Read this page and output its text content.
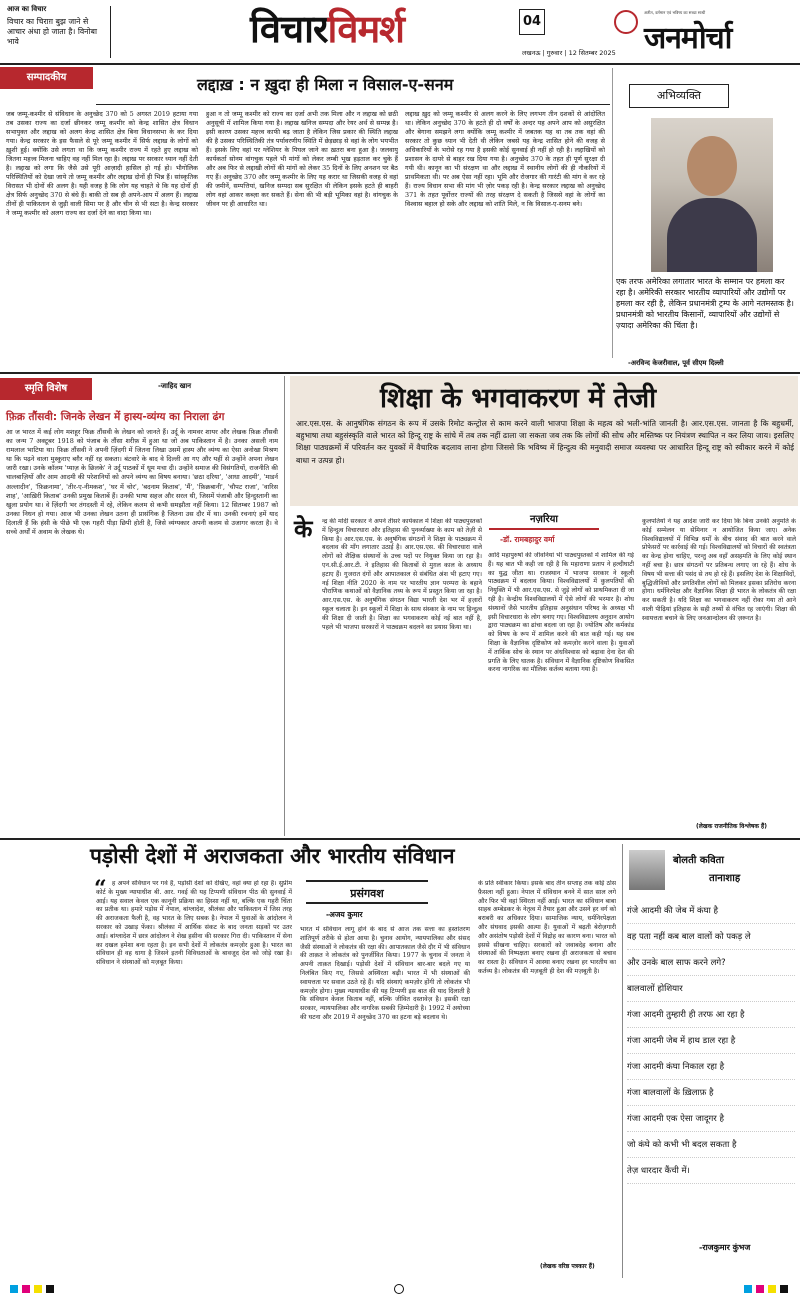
आज का विचार
विचार का चिराग़ बुझ जाने से आचार अंधा हो जाता है। विनोबा भावे	विचारविमर्श	04
लखनऊ | गुरुवार | 12 सितम्बर 2025
अतीत, वर्तमान एवं भविष्य का सच्चा साथी
जनमोर्चा
सम्पादकीय	लद्दाख़ : न ख़ुदा ही मिला न विसाल-ए-सनम
जब जम्मू-कश्मीर से संविधान के अनुच्छेद 370 को 5 अगस्त 2019 हटाया गया तब उसका राज्य का दर्जा छीनकर जम्मू कश्मीर को केन्द्र शासित क्षेत्र विधान सभायुक्त और लद्दाख को अलग केन्द्र शासित क्षेत्र बिना विधानसभा के कर दिया गया। केन्द्र सरकार के इस फैसले से पूरे जम्मू कश्मीर में सिर्फ लद्दाख के लोगों को ख़ुशी हुई। क्योंकि उसे लगता था कि जम्मू कश्मीर राज्य में रहते हुए लद्दाख को जितना महत्त्व मिलना चाहिए वह नहीं मिल रहा है। लद्दाख पर सरकार ध्यान नहीं देती है। लद्दाख को लगा कि जैसे उसे पूरी आज़ादी हासिल हो गई हो। भौगोलिक परिस्थितियों को देखा जाये तो जम्मू कश्मीर और लद्दाख दोनों ही भिन्न हैं। सांस्कृतिक विरासत भी दोनों की अलग है। यही वजह है कि लोग यह चाहते थे कि यह दोनों ही क्षेत्र सिर्फ अनुच्छेद 370 से बंधे हैं। बाकी तो सब ही अपने-आप में अलग हैं। लद्दाख तीनों ही पाकिस्तान से जुड़ी वाली सिमा पर है और चीन से भी सटा है। केन्द्र सरकार ने जम्मू कश्मीर को अलग राज्य का दर्जा देने का वादा किया था।
हुआ न तो जम्मू कश्मीर को राज्य का दर्जा अभी तक मिला और न लद्दाख को छठी अनुसूची में शामिल किया गया है। लद्दाख खनिज सम्पदा और रेयर अर्थ से सम्पन्न है। इसी कारण उसका महत्त्व काफी बढ़ जाता है लेकिन जिस प्रकार की स्थिति लद्दाख की है उसका परिस्थितिकी तंत्र पर्यावरणीय स्थिति में छेड़छाड़ से वहां के लोग भयभीत हैं। इसके लिए वहां पर ग्लेशियर के पिघल जाने का ख़तरा बना हुआ है। जलवायु कार्यकर्ता सोनम वांगचुक पहले भी मांगों को लेकर लम्बी भूख हड़ताल कर चुके हैं और अब फिर से लद्दाखी लोगों की मांगों को लेकर 35 दिनों के लिए अनशन पर बैठ गए हैं। अनुच्छेद 370 और जम्मू कश्मीर के लिए यह करार था जिसकी वजह से वहां की जमीनें, सम्पत्तियां, खनिज सम्पदा सब सुरक्षित थी लेकिन इसके हटते ही बाहरी लोग वहां आकर कब्ज़ा कर सकते हैं। सेना की भी बड़ी भूमिका वहां है। वांगचुक के जीवन पर ही आधारित था।
लद्दाख ख़ुद को जम्मू कश्मीर से अलग करने के लिए लगभग तीन दशकों से आंदोलित था। लेकिन अनुच्छेद 370 के हटते ही दो वर्षों के अन्दर यह अपने आप को असुरक्षित और बेगाना समझने लगा क्योंकि जम्मू कश्मीर में जबतक यह था तब तक वहां की सरकार तो कुछ ध्यान भी देती थी लेकिन जबसे यह केन्द्र शासित होने की वजह से अधिकारियों के भरोसे रह गया है इसकी कोई सुनवाई ही नहीं हो रही है। लद्दाखियों को प्रशासन के दायरे से बाहर रख दिया गया है। अनुच्छेद 370 के तहत ही पूर्ण सुरक्षा दी गयी थी। कानून का भी संरक्षण था और लद्दाख में स्थानीय लोगों की ही नौकरियों में प्राथमिकता थी। पर अब ऐसा नहीं रहा। भूमि और रोजगार की गारंटी की मांग वे कर रहे हैं। राज्य विधान सभा की मांग भी ज़ोर पकड़ रही है। केन्द्र सरकार लद्दाख को अनुच्छेद 371 के तहत पूर्वोत्तर राज्यों की तरह संरक्षण दे सकती है जिससे वहां के लोगों का विश्वास बहाल हो सके और लद्दाख को शांति मिले, न कि विसाल-ए-सनम बने।
अभिव्यक्ति
एक तरफ अमेरिका लगातार भारत के सम्मान पर हमला कर रहा है। अमेरिकी सरकार भारतीय व्यापारियों और उद्योगों पर हमला कर रही है, लेकिन प्रधानमंत्री ट्रम्प के आगे नतमस्तक है। प्रधानमंत्री को भारतीय किसानों, व्यापारियों और उद्योगों से ज़्यादा अमेरिका की चिंता है।
-अरविन्द केजरीवाल, पूर्व सीएम दिल्ली
स्मृति विशेष	-जाहिद खान
फ़िक्र तौंसवी: जिनके लेखन में हास्य-व्यंग्य का निराला ढंग
आ ज भारत में कई लोग मशहूर फिक्र तौंसवी के लेखन को जानते हैं। उर्दू के नामवर शायर और लेखक फ़िक्र तौंसवी का जन्म 7 अक्टूबर 1918 को पंजाब के तौंसा शरीफ़ में हुआ था जो अब पाकिस्तान में है। उनका असली नाम रामलाल भाटिया था। फ़िक्र तौंसवी ने अपनी ज़िंदगी में जितना लिखा उसमें हास्य और व्यंग्य का ऐसा अनोखा मिश्रण था कि पढ़ने वाला मुस्कुराए बग़ैर नहीं रह सकता। बंटवारे के बाद वे दिल्ली आ गए और यहीं से उन्होंने अपना लेखन जारी रखा। उनके कॉलम 'प्याज़ के छिलके' ने उर्दू पाठकों में धूम मचा दी। उन्होंने समाज की विसंगतियों, राजनीति की चालबाज़ियों और आम आदमी की परेशानियों को अपने व्यंग्य का विषय बनाया। 'छठा दरिया', 'आधा आदमी', 'माडर्न अल्लादीन', 'फ़िक्रनामा', 'तीर-ए-नीमकश', 'घर में चोर', 'बदनाम किताब', 'मैं', 'फ़िक्रबानी', 'चौपट राजा', 'वारिस शाह', 'आख़िरी किताब' उनकी प्रमुख किताबें हैं। उनकी भाषा सहज और सरल थी, जिसमें पंजाबी और हिन्दुस्तानी का खुला प्रयोग था। वे ज़िंदगी भर तंगदस्ती में रहे, लेकिन कलम से कभी समझौता नहीं किया। 12 सितम्बर 1987 को उनका निधन हो गया। आज भी उनका लेखन उतना ही प्रासंगिक है जितना उस दौर में था। उनकी रचनाएं हमें याद दिलाती हैं कि हंसी के पीछे भी एक गहरी पीड़ा छिपी होती है, जिसे व्यंग्यकार अपनी कलम से उजागर करता है। वे सच्चे अर्थों में अवाम के लेखक थे।
शिक्षा के भगवाकरण में तेजी
आर.एस.एस. के आनुषंगिक संगठन के रूप में उसके रिमोट कन्ट्रोल से काम करने वाली भाजपा शिक्षा के महत्व को भली-भांति जानती है। आर.एस.एस. जानता है कि बहुधर्मी, बहुभाषा तथा बहुसंस्कृति वाले भारत को हिन्दू राष्ट्र के सांचे में तब तक नहीं ढाला जा सकता जब तक कि लोगों की सोच और मस्तिष्क पर नियंत्रण स्थापित न कर लिया जाय। इसलिए शिक्षा पाठ्यक्रमों में परिवर्तन कर युवकों में वैचारिक बदलाव लाना होगा जिससे कि भविष्य में हिन्दुत्व की मनुवादी समाज व्यवस्था पर आधारित हिन्दू राष्ट्र को स्वीकार करने में कोई बाधा न उत्पन्न हो।
के न्द्र की मोदी सरकार ने अपने तीसरे कार्यकाल में शिक्षा की पाठ्यपुस्तकों में हिन्दुत्व विचारधारा और इतिहास की पुनर्व्याख्या के काम को तेज़ी से किया है। आर.एस.एस. के अनुषंगिक संगठनों ने शिक्षा के पाठ्यक्रम में बदलाव की माँग लगातार उठाई है। आर.एस.एस. की विचारधारा वाले लोगों को शैक्षिक संस्थानों के उच्च पदों पर नियुक्त किया जा रहा है। एन.सी.ई.आर.टी. ने इतिहास की किताबों से मुग़ल काल के अध्याय हटाए हैं। गुजरात दंगों और आपातकाल से संबंधित अंश भी हटाए गए। नई शिक्षा नीति 2020 के नाम पर भारतीय ज्ञान परम्परा के बहाने पौराणिक कथाओं को वैज्ञानिक तथ्य के रूप में प्रस्तुत किया जा रहा है। आर.एस.एस. के अनुषंगिक संगठन विद्या भारती देश भर में हज़ारों स्कूल चलाता है। इन स्कूलों में शिक्षा के साथ संस्कार के नाम पर हिन्दुत्व की शिक्षा दी जाती है। शिक्षा का भगवाकरण कोई नई बात नहीं है, पहले भी भाजपा सरकारों ने पाठ्यक्रम बदलने का प्रयास किया था।
नज़रिया
-डॉ. रामबहादुर वर्मा
आदि महापुरुषों की जीवनियां भी पाठ्यपुस्तकों में शामिल की गई हैं। यह बात भी कही जा रही है कि महाराणा प्रताप ने हल्दीघाटी का युद्ध जीता था। राजस्थान में भाजपा सरकार ने स्कूली पाठ्यक्रम में बदलाव किया। विश्वविद्यालयों में कुलपतियों की नियुक्ति में भी आर.एस.एस. से जुड़े लोगों को प्राथमिकता दी जा रही है। केन्द्रीय विश्वविद्यालयों में ऐसे लोगों की भरमार है। शोध संस्थानों जैसे भारतीय इतिहास अनुसंधान परिषद के अध्यक्ष भी इसी विचारधारा के लोग बनाए गए। विश्वविद्यालय अनुदान आयोग द्वारा पाठ्यक्रम का ढांचा बदला जा रहा है। ज्योतिष और कर्मकांड को विषय के रूप में शामिल करने की बात कही गई। यह सब शिक्षा के वैज्ञानिक दृष्टिकोण को कमज़ोर करने वाला है। युवाओं में तार्किक सोच के स्थान पर अंधविश्वास को बढ़ावा देना देश की प्रगति के लिए घातक है। संविधान में वैज्ञानिक दृष्टिकोण विकसित करना नागरिक का मौलिक कर्तव्य बताया गया है।
कुलपतियों ने यह आदेश जारी कर दिया कि बिना उनकी अनुमति के कोई सम्मेलन या सेमिनार न आयोजित किया जाए। अनेक विश्वविद्यालयों में विभिन्न धर्मों के बीच संवाद की बात करने वाले प्रोफेसरों पर कार्रवाई की गई। विश्वविद्यालयों को विचारों की स्वतंत्रता का केन्द्र होना चाहिए, परन्तु अब वहाँ असहमति के लिए कोई स्थान नहीं बचा है। छात्र संगठनों पर प्रतिबन्ध लगाए जा रहे हैं। शोध के विषय भी सत्ता की पसंद से तय हो रहे हैं। इसलिए देश के शिक्षाविदों, बुद्धिजीवियों और प्रगतिशील लोगों को मिलकर इसका प्रतिरोध करना होगा। धर्मनिरपेक्ष और वैज्ञानिक शिक्षा ही भारत के लोकतंत्र की रक्षा कर सकती है। यदि शिक्षा का भगवाकरण नहीं रोका गया तो आने वाली पीढ़ियां इतिहास के सही तथ्यों से वंचित रह जाएंगी। शिक्षा की स्वायत्तता बचाने के लिए जनआन्दोलन की ज़रूरत है।
(लेखक राजनीतिक विश्लेषक हैं)
पड़ोसी देशों में अराजकता और भारतीय संविधान
प्रसंगवश
-अजय कुमार
“ ह अपने संविधान पर गर्व है, पड़ोसी देशों को देखिए, वहां क्या हो रहा है। सुप्रीम कोर्ट के मुख्य न्यायाधीश बी. आर. गवई की यह टिप्पणी संविधान पीठ की सुनवाई में आई। यह सवाल केवल एक कानूनी प्रक्रिया का हिस्सा नहीं था, बल्कि एक गहरी चिंता का प्रतीक था। हमारे पड़ोस में नेपाल, बांग्लादेश, श्रीलंका और पाकिस्तान में जिस तरह की अराजकता फैली है, वह भारत के लिए सबक है। नेपाल में युवाओं के आंदोलन ने सरकार को उखाड़ फेंका। श्रीलंका में आर्थिक संकट के बाद जनता सड़कों पर उतर आई। बांग्लादेश में छात्र आंदोलन ने शेख हसीना की सरकार गिरा दी। पाकिस्तान में सेना का दखल हमेशा बना रहता है। इन सभी देशों में लोकतंत्र कमज़ोर हुआ है। भारत का संविधान ही वह धागा है जिसने इतनी विविधताओं के बावजूद देश को जोड़े रखा है। संविधान ने संस्थाओं को मज़बूत किया।
भारत में संविधान लागू होने के बाद से आज तक सत्ता का हस्तांतरण शांतिपूर्ण तरीके से होता आया है। चुनाव आयोग, न्यायपालिका और संसद जैसी संस्थाओं ने लोकतंत्र की रक्षा की। आपातकाल जैसे दौर में भी संविधान की ताक़त ने लोकतंत्र को पुनर्जीवित किया। 1977 के चुनाव में जनता ने अपनी ताक़त दिखाई। पड़ोसी देशों में संविधान बार-बार बदले गए या निलंबित किए गए, जिससे अस्थिरता बढ़ी। भारत में भी संस्थाओं की स्वायत्तता पर सवाल उठते रहे हैं। यदि संस्थाएं कमज़ोर होंगी तो लोकतंत्र भी कमज़ोर होगा। मुख्य न्यायाधीश की यह टिप्पणी इस बात की याद दिलाती है कि संविधान केवल किताब नहीं, बल्कि जीवित दस्तावेज़ है। इसकी रक्षा सरकार, न्यायपालिका और नागरिक सबकी ज़िम्मेदारी है। 1992 में अयोध्या की घटना और 2019 में अनुच्छेद 370 का हटना बड़े बदलाव थे।
के प्रति स्वीकार किया। इसके बाद तीन सप्ताह तक कोई ठोस फ़ैसला नहीं हुआ। नेपाल में संविधान बनने में सात साल लगे और फिर भी वहां स्थिरता नहीं आई। भारत का संविधान बाबा साहब अम्बेडकर के नेतृत्व में तैयार हुआ और उसने हर वर्ग को बराबरी का अधिकार दिया। सामाजिक न्याय, धर्मनिरपेक्षता और संघवाद इसकी आत्मा हैं। युवाओं में बढ़ती बेरोज़गारी और असंतोष पड़ोसी देशों में विद्रोह का कारण बना। भारत को इससे सीखना चाहिए। सरकारों को जवाबदेह बनाना और संस्थाओं की निष्पक्षता बनाए रखना ही अराजकता से बचाव का रास्ता है। संविधान में आस्था बनाए रखना हर भारतीय का कर्तव्य है। लोकतंत्र की मज़बूती ही देश की मज़बूती है।
(लेखक वरिष्ठ पत्रकार हैं)
बोलती कविता
तानाशाह
गंजे आदमी की जेब में कंघा है
वह पता नहीं कब बाल वालों को पकड़ ले
और उनके बाल साफ करने लगे?
बालवालों होशियार
गंजा आदमी तुम्हारी ही तरफ आ रहा है
गंजा आदमी जेब में हाथ डाल रहा है
गंजा आदमी कंघा निकाल रहा है
गंजा बालवालों के ख़िलाफ़ है
गंजा आदमी एक ऐसा जादूगर है
जो कंघे को कभी भी बदल सकता है
तेज़ धारदार कैंची में।
-राजकुमार कुंभज
